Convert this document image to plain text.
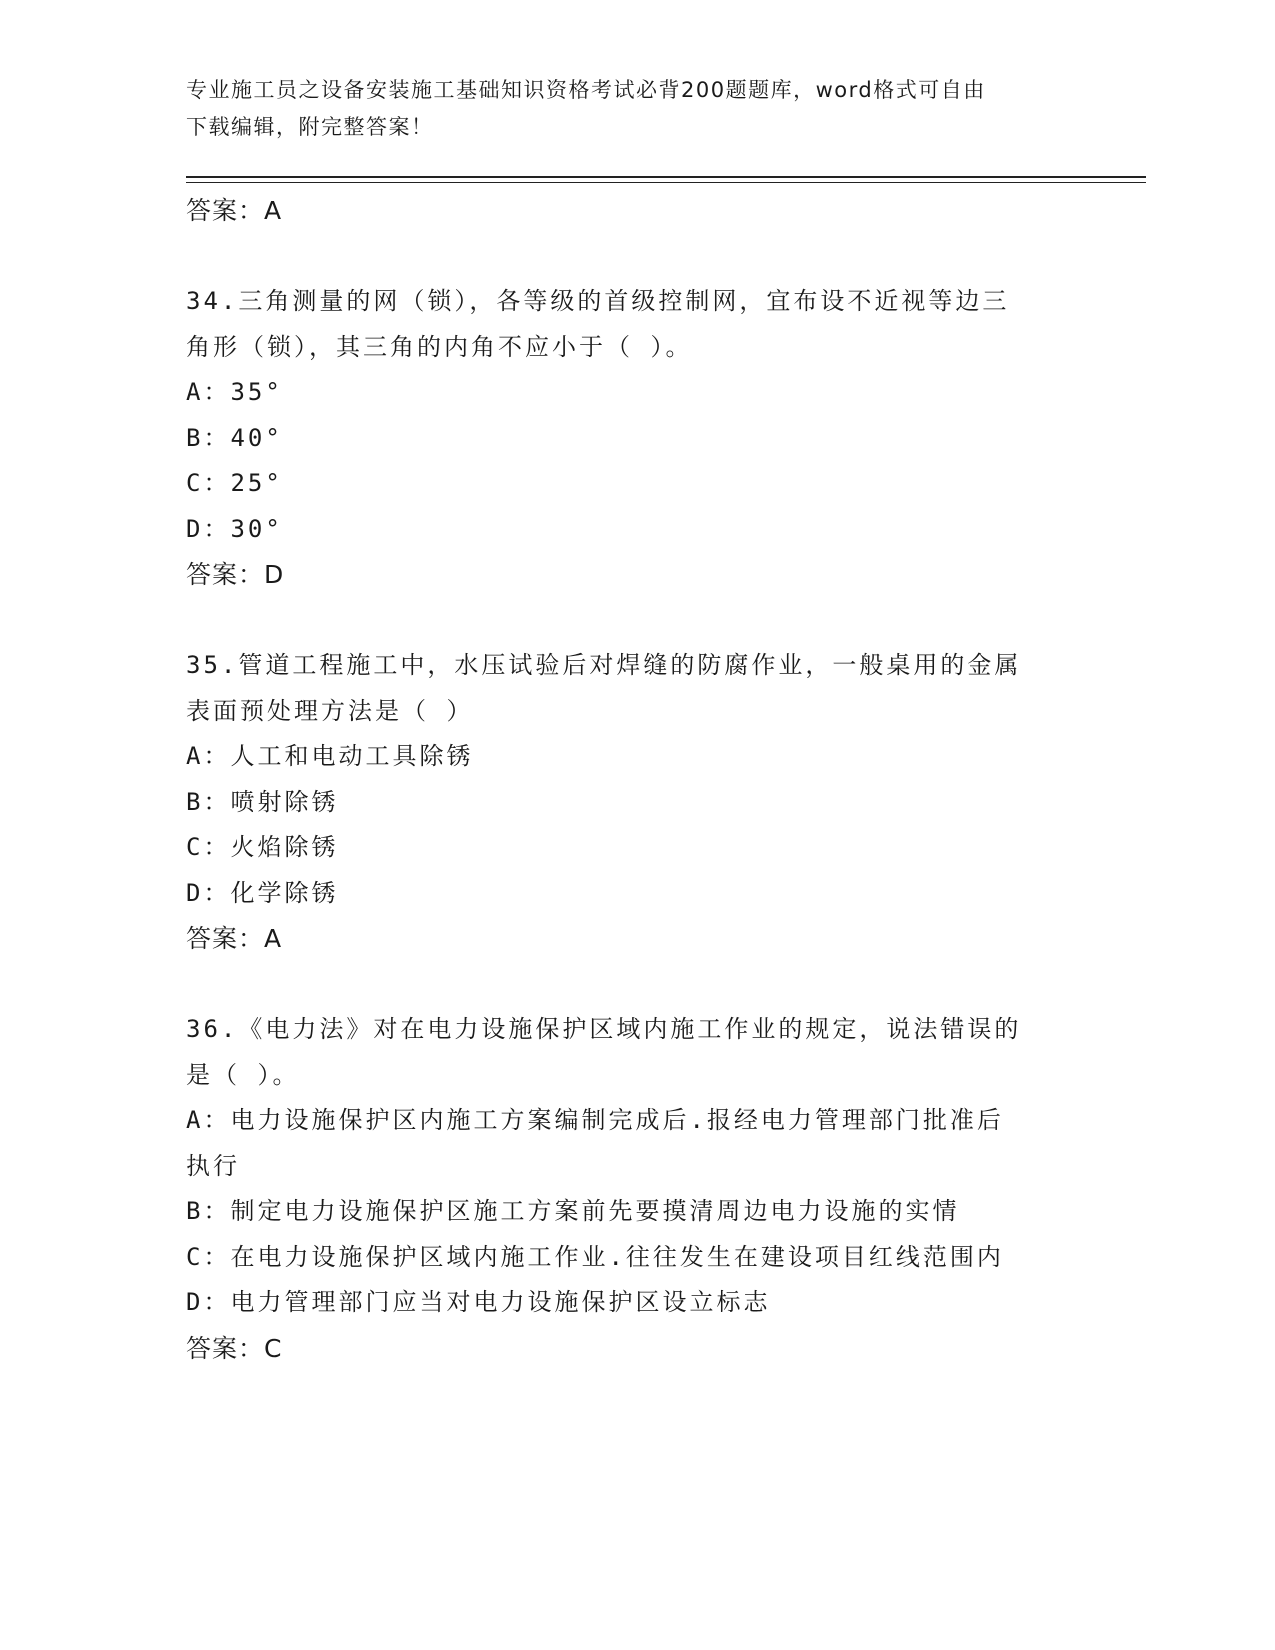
专业施工员之设备安装施工基础知识资格考试必背200题题库，word格式可自由
下载编辑，附完整答案！
答案：A
34.三角测量的网（锁），各等级的首级控制网，宜布设不近视等边三
角形（锁），其三角的内角不应小于（ ）。
A：35°
B：40°
C：25°
D：30°
答案：D
35.管道工程施工中，水压试验后对焊缝的防腐作业，一般桌用的金属
表面预处理方法是（ ）
A：人工和电动工具除锈
B：喷射除锈
C：火焰除锈
D：化学除锈
答案：A
36.《电力法》对在电力设施保护区域内施工作业的规定，说法错误的
是（ ）。
A：电力设施保护区内施工方案编制完成后.报经电力管理部门批准后
执行
B：制定电力设施保护区施工方案前先要摸清周边电力设施的实情
C：在电力设施保护区域内施工作业.往往发生在建设项目红线范围内
D：电力管理部门应当对电力设施保护区设立标志
答案：C
